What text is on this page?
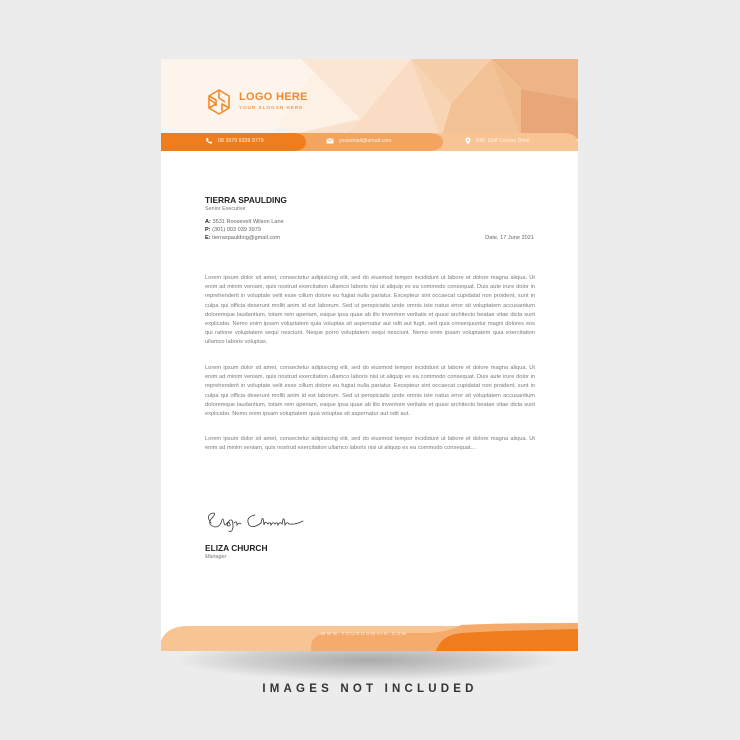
LOGO HERE
YOUR SLOGAN HERE
08 3979 9339 9779	youremail@email.com	546, Golf Course Drive
TIERRA SPAULDING
Senior Executive
A: 3531 Roosevelt Wilson Lane
P: (301) 003 039 3979
E: tierraspaulding@gmail.com	Date, 17 June 2021
Lorem ipsum dolor sit amet, consectetur adipisicing elit, sed do eiusmod tempor incididunt ut labore et dolore magna aliqua. Ut enim ad minim veniam, quis nostrud exercitation ullamco laboris nisi ut aliquip ex ea commodo consequat. Duis aute irure dolor in reprehenderit in voluptate velit esse cillum dolore eu fugiat nulla pariatur. Excepteur sint occaecat cupidatat non proident, sunt in culpa qui officia deserunt mollit anim id est laborum. Sed ut perspiciatis unde omnis iste natus error sit voluptatem accusantium doloremque laudantium, totam rem aperiam, eaque ipsa quae ab illo inventore veritatis et quasi architecto beatae vitae dicta sunt explicabo. Nemo enim ipsam voluptatem quia voluptas sit aspernatur aut odit aut fugit, sed quia consequuntur magni dolores eos qui ratione voluptatem sequi nesciunt. Neque porro voluptatem sequi nesciunt. Nemo enim ipsam voluptatem quia exercitation ullamco laboris voluptas.
Lorem ipsum dolor sit amet, consectetur adipisicing elit, sed do eiusmod tempor incididunt ut labore et dolore magna aliqua. Ut enim ad minim veniam, quis nostrud exercitation ullamco laboris nisi ut aliquip ex ea commodo consequat. Duis aute irure dolor in reprehenderit in voluptate velit esse cillum dolore eu fugiat nulla pariatur. Excepteur sint occaecat cupidatat non proident, sunt in culpa qui officia deserunt mollit anim id est laborum. Sed ut perspiciatis unde omnis iste natus error sit voluptatem accusantium doloremque laudantium, totam rem aperiam, eaque ipsa quae ab illo inventore veritatis et quasi architecto beatae vitae dicta sunt explicabo. Nemo enim ipsam voluptatem quia voluptas sit aspernatur aut odit aut.
Lorem ipsum dolor sit amet, consectetur adipisicing elit, sed do eiusmod tempor incididunt ut labore et dolore magna aliqua. Ut enim ad minim veniam, quis nostrud exercitation ullamco laboris nisi ut aliquip ex ea commodo consequat...
ELIZA CHURCH
Manager
WWW.YOURDOMAIN.COM
IMAGES NOT INCLUDED
